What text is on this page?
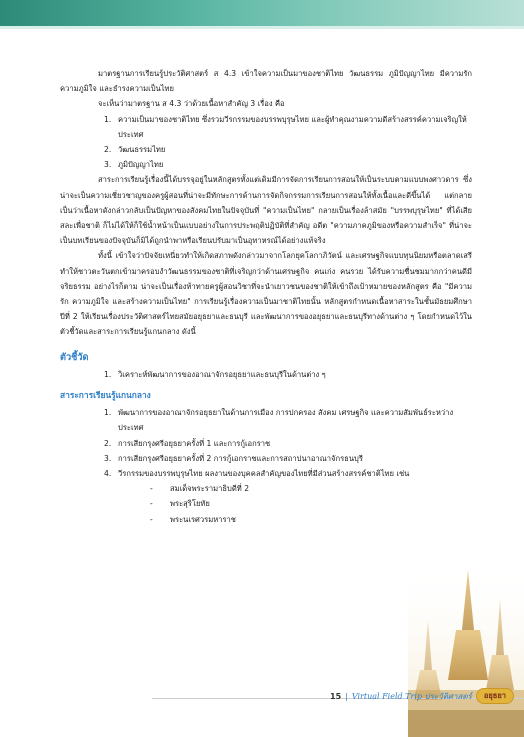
มาตรฐานการเรียนรู้ประวัติศาสตร์ ส 4.3 เข้าใจความเป็นมาของชาติไทย วัฒนธรรม ภูมิปัญญาไทย มีความรัก ความภูมิใจ และธำรงความเป็นไทย

จะเห็นว่ามาตรฐาน ส 4.3 ว่าด้วยเนื้อหาสำคัญ 3 เรื่อง คือ

1. ความเป็นมาของชาติไทย ซึ่งรวมวีรกรรมของบรรพบุรุษไทย และผู้ทำคุณงามความดีสร้างสรรค์ความเจริญให้ประเทศ

2. วัฒนธรรมไทย

3. ภูมิปัญญาไทย

สาระการเรียนรู้เรื่องนี้ได้บรรจุอยู่ในหลักสูตรทั้งแต่เดิมมีการจัดการเรียนการสอนให้เป็นระบบตามแบบพงศาวดาร ซึ่งน่าจะเป็นความเชี่ยวชาญของครูผู้สอนที่น่าจะมีทักษะการด้านการจัดกิจกรรมการเรียนการสอนให้ทั้งเนื้อและดีขึ้นได้ แต่กลายเป็นว่าเนื้อหาดังกล่าวกลับเป็นปัญหาของสังคมไทยในปัจจุบันที่ "ความเป็นไทย" กลายเป็นเรื่องล้าสมัย "บรรพบุรุษไทย" ที่ได้เสียสละเพื่อชาติ ก็ไม่ได้ให้ก็ใช้น้ำหน้าเป็นแบบอย่างในการประพฤติปฏิบัติที่สำคัญ อดีต "ความภาคภูมิของหรือความสำเร็จ" ที่น่าจะเป็นบทเรียนของปัจจุบันก็มิได้ถูกนำพาหรือเรียนปรับมาเป็นอุทาหรณ์ได้อย่างแท้จริง

ทั้งนี้ เข้าใจว่าปัจจัยเหนี่ยวทำให้เกิดสภาพดังกล่าวมาจากโลกยุคโลกาภิวัตน์ และเศรษฐกิจแบบทุนนิยมหรือตลาดเสรี ทำให้ชาวตะวันตกเข้ามาครอบงำวัฒนธรรมของชาติที่เจริญกว่าด้านเศรษฐกิจ คนเก่ง คนรวย ได้รับความชื่นชมมากกว่าคนดีมีจริยธรรม อย่างไรก็ตาม น่าจะเป็นเรื่องท้าทายครูผู้สอนวิชาที่จะนำเยาวชนของชาติให้เข้าถึงเป้าหมายของหลักสูตร คือ "มีความรัก ความภูมิใจ และสร้างความเป็นไทย" การเรียนรู้เรื่องความเป็นมาชาติไทยนั้น หลักสูตรกำหนดเนื้อหาสาระในชั้นมัธยมศึกษาปีที่ 2 ให้เรียนเรื่องประวัติศาสตร์ไทยสมัยอยุธยาและธนบุรี และพัฒนาการของอยุธยาและธนบุรีทางด้านต่าง ๆ โดยกำหนดไว้ในตัวชี้วัดและสาระการเรียนรู้แกนกลาง ดังนี้

ตัวชี้วัด

1. วิเคราะห์พัฒนาการของอาณาจักรอยุธยาและธนบุรีในด้านต่าง ๆ

สาระการเรียนรู้แกนกลาง

1. พัฒนาการของอาณาจักรอยุธยาในด้านการเมือง การปกครอง สังคม เศรษฐกิจ และความสัมพันธ์ระหว่างประเทศ

2. การเสียกรุงศรีอยุธยาครั้งที่ 1 และการกู้เอกราช

3. การเสียกรุงศรีอยุธยาครั้งที่ 2 การกู้เอกราชและการสถาปนาอาณาจักรธนบุรี

4. วีรกรรมของบรรพบุรุษไทย ผลงานของบุคคลสำคัญของไทยที่มีส่วนสร้างสรรค์ชาติไทย เช่น

- สมเด็จพระรามาธิบดีที่ 2

- พระสุริโยทัย

- พระนเรศวรมหาราช

15 | Virtual Field Trip ประวัติศาสตร์	อยุธยา
